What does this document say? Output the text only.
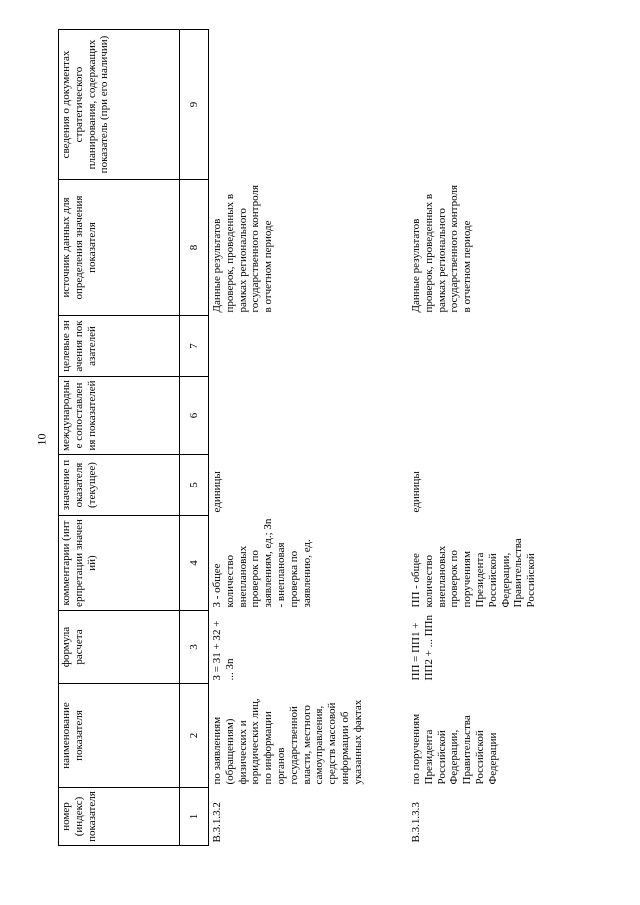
10
номер (индекс) показателя	наименование показателя	формула расчета	комментарии (интерпретации значений)	значение показателя (текущее)	международные сопоставления показателей	целевые значения показателей	источник данных для определения значения показателя	сведения о документах стратегического планирования, содержащих показатель (при его наличии)
1	2	3	4	5	6	7	8	9
В.3.1.3.2	по заявлениям (обращениям) физических и юридических лиц, по информации органов государственной власти, местного самоуправления, средств массовой информации об указанных фактах	З = З1 + З2 + ... Зn	З - общее количество внеплановых проверок по заявлениям, ед.; Зn - внеплановая проверка по заявлению, ед.	единицы			Данные результатов проверок, проведенных в рамках регионального государственного контроля в отчетном периоде	
В.3.1.3.3	по поручениям Президента Российской Федерации, Правительства Российской Федерации	ПП = ПП1 + ПП2 + ... ППn	ПП - общее количество внеплановых проверок по поручениям Президента Российской Федерации, Правительства Российской	единицы			Данные результатов проверок, проведенных в рамках регионального государственного контроля в отчетном периоде	
